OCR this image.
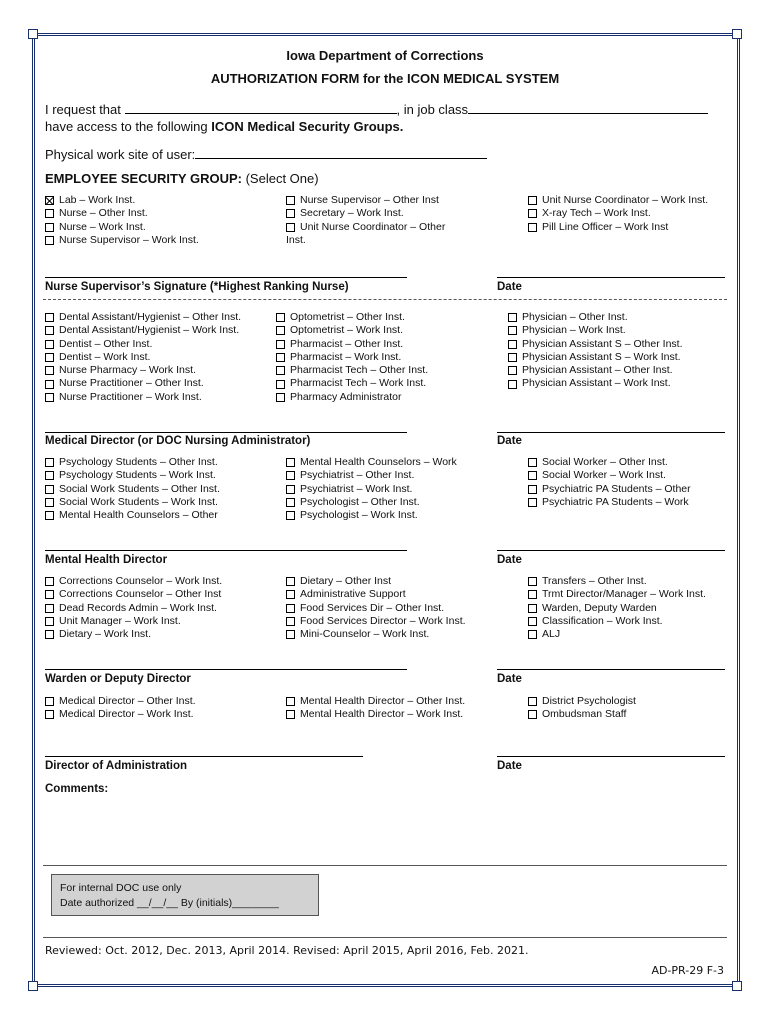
Iowa Department of Corrections
AUTHORIZATION FORM for the ICON MEDICAL SYSTEM
I request that	, in job class
have access to the following ICON Medical Security Groups.
Physical work site of user:
EMPLOYEE SECURITY GROUP: (Select One)
Lab – Work Inst.
Nurse – Other Inst.
Nurse – Work Inst.
Nurse Supervisor – Work Inst.
Nurse Supervisor – Other Inst
Secretary – Work Inst.
Unit Nurse Coordinator – Other
Inst.
Unit Nurse Coordinator – Work Inst.
X-ray Tech – Work Inst.
Pill Line Officer – Work Inst
Nurse Supervisor’s Signature (*Highest Ranking Nurse)	Date
Dental Assistant/Hygienist – Other Inst.
Dental Assistant/Hygienist – Work Inst.
Dentist – Other Inst.
Dentist – Work Inst.
Nurse Pharmacy – Work Inst.
Nurse Practitioner – Other Inst.
Nurse Practitioner – Work Inst.
Optometrist – Other Inst.
Optometrist – Work Inst.
Pharmacist – Other Inst.
Pharmacist – Work Inst.
Pharmacist Tech – Other Inst.
Pharmacist Tech – Work Inst.
Pharmacy Administrator
Physician – Other Inst.
Physician – Work Inst.
Physician Assistant S – Other Inst.
Physician Assistant S – Work Inst.
Physician Assistant – Other Inst.
Physician Assistant – Work Inst.
Medical Director (or DOC Nursing Administrator)	Date
Psychology Students – Other Inst.
Psychology Students – Work Inst.
Social Work Students – Other Inst.
Social Work Students – Work Inst.
Mental Health Counselors – Other
Mental Health Counselors – Work
Psychiatrist – Other Inst.
Psychiatrist – Work Inst.
Psychologist – Other Inst.
Psychologist – Work Inst.
Social Worker – Other Inst.
Social Worker – Work Inst.
Psychiatric PA Students – Other
Psychiatric PA Students – Work
Mental Health Director	Date
Corrections Counselor – Work Inst.
Corrections Counselor – Other Inst
Dead Records Admin – Work Inst.
Unit Manager – Work Inst.
Dietary – Work Inst.
Dietary – Other Inst
Administrative Support
Food Services Dir – Other Inst.
Food Services Director – Work Inst.
Mini-Counselor – Work Inst.
Transfers – Other Inst.
Trmt Director/Manager – Work Inst.
Warden, Deputy Warden
Classification – Work Inst.
ALJ
Warden or Deputy Director	Date
Medical Director – Other Inst.
Medical Director – Work Inst.
Mental Health Director – Other Inst.
Mental Health Director – Work Inst.
District Psychologist
Ombudsman Staff
Director of Administration	Date
Comments:
For internal DOC use only
Date authorized __/__/__ By (initials)________
Reviewed: Oct. 2012, Dec. 2013, April 2014. Revised: April 2015, April 2016, Feb. 2021.
AD-PR-29 F-3
